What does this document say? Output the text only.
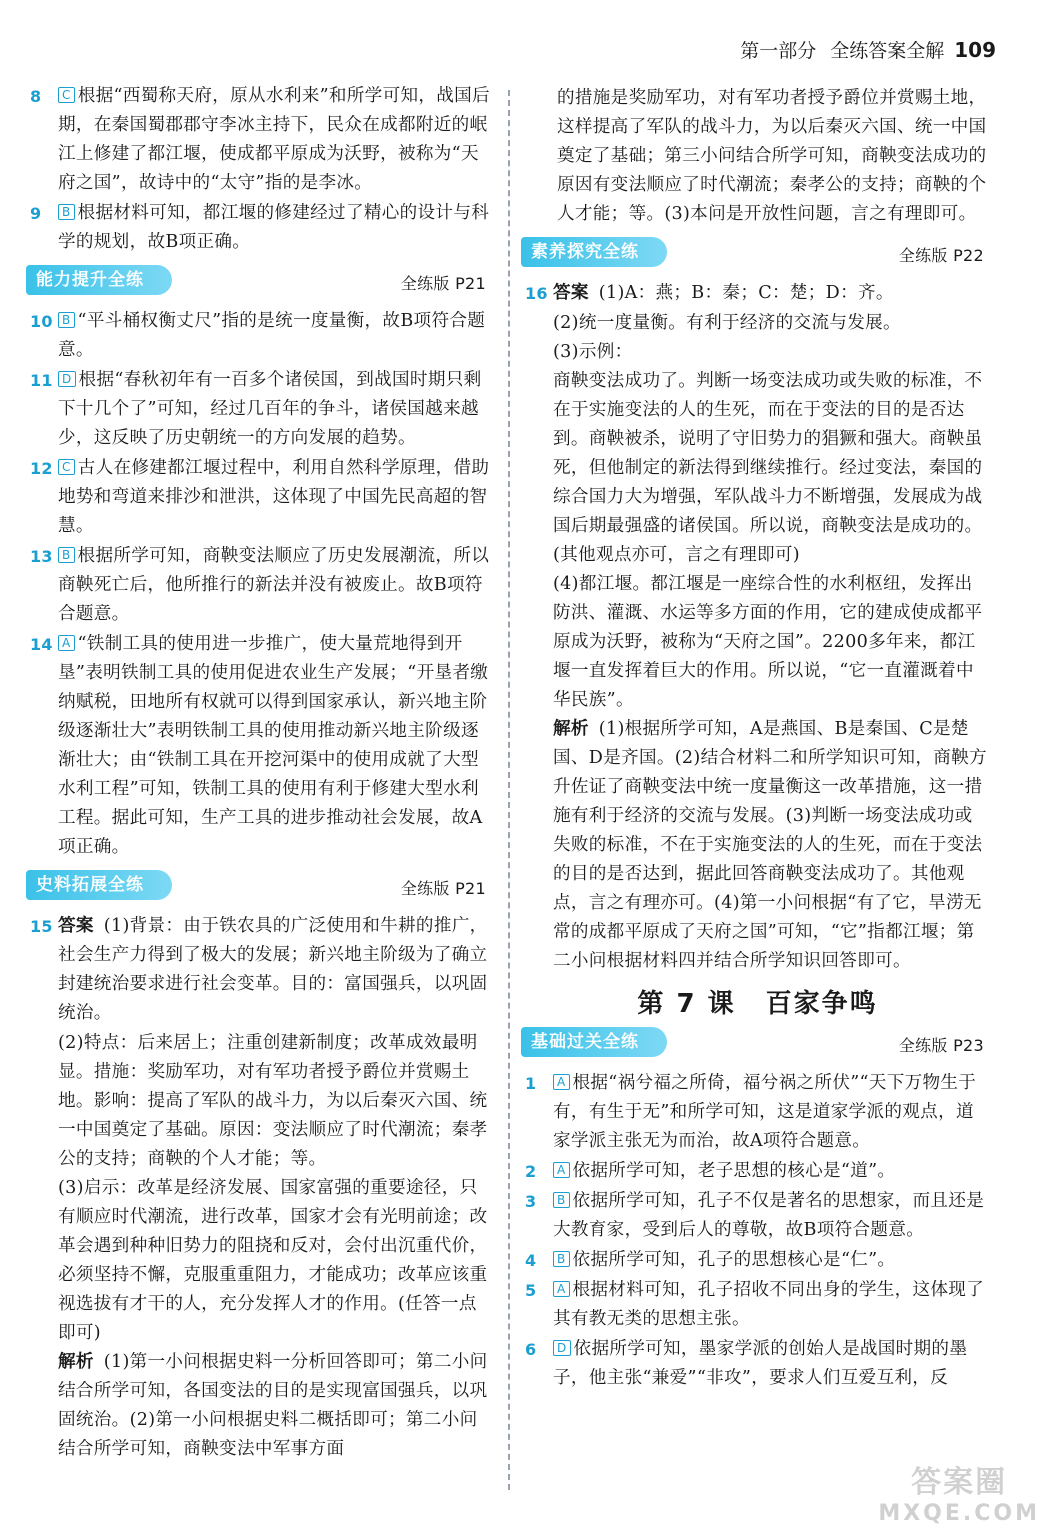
第一部分 全练答案全解 109
8 C 根据“西蜀称天府，原从水利来”和所学可知，战国后期，在秦国蜀郡郡守李冰主持下，民众在成都附近的岷江上修建了都江堰，使成都平原成为沃野，被称为“天府之国”，故诗中的“太守”指的是李冰。
9 B 根据材料可知，都江堰的修建经过了精心的设计与科学的规划，故B项正确。
能力提升全练	全练版 P21
10 B “平斗桶权衡丈尺”指的是统一度量衡，故B项符合题意。
11 D 根据“春秋初年有一百多个诸侯国，到战国时期只剩下十几个了”可知，经过几百年的争斗，诸侯国越来越少，这反映了历史朝统一的方向发展的趋势。
12 C 古人在修建都江堰过程中，利用自然科学原理，借助地势和弯道来排沙和泄洪，这体现了中国先民高超的智慧。
13 B 根据所学可知，商鞅变法顺应了历史发展潮流，所以商鞅死亡后，他所推行的新法并没有被废止。故B项符合题意。
14 A “铁制工具的使用进一步推广，使大量荒地得到开垦”表明铁制工具的使用促进农业生产发展；“开垦者缴纳赋税，田地所有权就可以得到国家承认，新兴地主阶级逐渐壮大”表明铁制工具的使用推动新兴地主阶级逐渐壮大；由“铁制工具在开挖河渠中的使用成就了大型水利工程”可知，铁制工具的使用有利于修建大型水利工程。据此可知，生产工具的进步推动社会发展，故A项正确。
史料拓展全练	全练版 P21
15 答案 (1)背景：由于铁农具的广泛使用和牛耕的推广，社会生产力得到了极大的发展；新兴地主阶级为了确立封建统治要求进行社会变革。目的：富国强兵，以巩固统治。
(2)特点：后来居上；注重创建新制度；改革成效最明显。措施：奖励军功，对有军功者授予爵位并赏赐土地。影响：提高了军队的战斗力，为以后秦灭六国、统一中国奠定了基础。原因：变法顺应了时代潮流；秦孝公的支持；商鞅的个人才能；等。
(3)启示：改革是经济发展、国家富强的重要途径，只有顺应时代潮流，进行改革，国家才会有光明前途；改革会遇到种种旧势力的阻挠和反对，会付出沉重代价，必须坚持不懈，克服重重阻力，才能成功；改革应该重视选拔有才干的人，充分发挥人才的作用。(任答一点即可)
解析 (1)第一小问根据史料一分析回答即可；第二小问结合所学可知，各国变法的目的是实现富国强兵，以巩固统治。(2)第一小问根据史料二概括即可；第二小问结合所学可知，商鞅变法中军事方面
的措施是奖励军功，对有军功者授予爵位并赏赐土地，这样提高了军队的战斗力，为以后秦灭六国、统一中国奠定了基础；第三小问结合所学可知，商鞅变法成功的原因有变法顺应了时代潮流；秦孝公的支持；商鞅的个人才能；等。(3)本问是开放性问题，言之有理即可。
素养探究全练	全练版 P22
16 答案 (1)A：燕；B：秦；C：楚；D：齐。
(2)统一度量衡。有利于经济的交流与发展。
(3)示例：
商鞅变法成功了。判断一场变法成功或失败的标准，不在于实施变法的人的生死，而在于变法的目的是否达到。商鞅被杀，说明了守旧势力的猖獗和强大。商鞅虽死，但他制定的新法得到继续推行。经过变法，秦国的综合国力大为增强，军队战斗力不断增强，发展成为战国后期最强盛的诸侯国。所以说，商鞅变法是成功的。
(其他观点亦可，言之有理即可)
(4)都江堰。都江堰是一座综合性的水利枢纽，发挥出防洪、灌溉、水运等多方面的作用，它的建成使成都平原成为沃野，被称为“天府之国”。2200多年来，都江堰一直发挥着巨大的作用。所以说，“它一直灌溉着中华民族”。
解析 (1)根据所学可知，A是燕国、B是秦国、C是楚国、D是齐国。(2)结合材料二和所学知识可知，商鞅方升佐证了商鞅变法中统一度量衡这一改革措施，这一措施有利于经济的交流与发展。(3)判断一场变法成功或失败的标准，不在于实施变法的人的生死，而在于变法的目的是否达到，据此回答商鞅变法成功了。其他观点，言之有理亦可。(4)第一小问根据“有了它，旱涝无常的成都平原成了天府之国”可知，“它”指都江堰；第二小问根据材料四并结合所学知识回答即可。
第 7 课 百家争鸣
基础过关全练	全练版 P23
1 A 根据“祸兮福之所倚，福兮祸之所伏”“天下万物生于有，有生于无”和所学可知，这是道家学派的观点，道家学派主张无为而治，故A项符合题意。
2 A 依据所学可知，老子思想的核心是“道”。
3 B 依据所学可知，孔子不仅是著名的思想家，而且还是大教育家，受到后人的尊敬，故B项符合题意。
4 B 依据所学可知，孔子的思想核心是“仁”。
5 A 根据材料可知，孔子招收不同出身的学生，这体现了其有教无类的思想主张。
6 D 依据所学可知，墨家学派的创始人是战国时期的墨子，他主张“兼爱”“非攻”，要求人们互爱互利，反
答案圈
MXQE.COM
